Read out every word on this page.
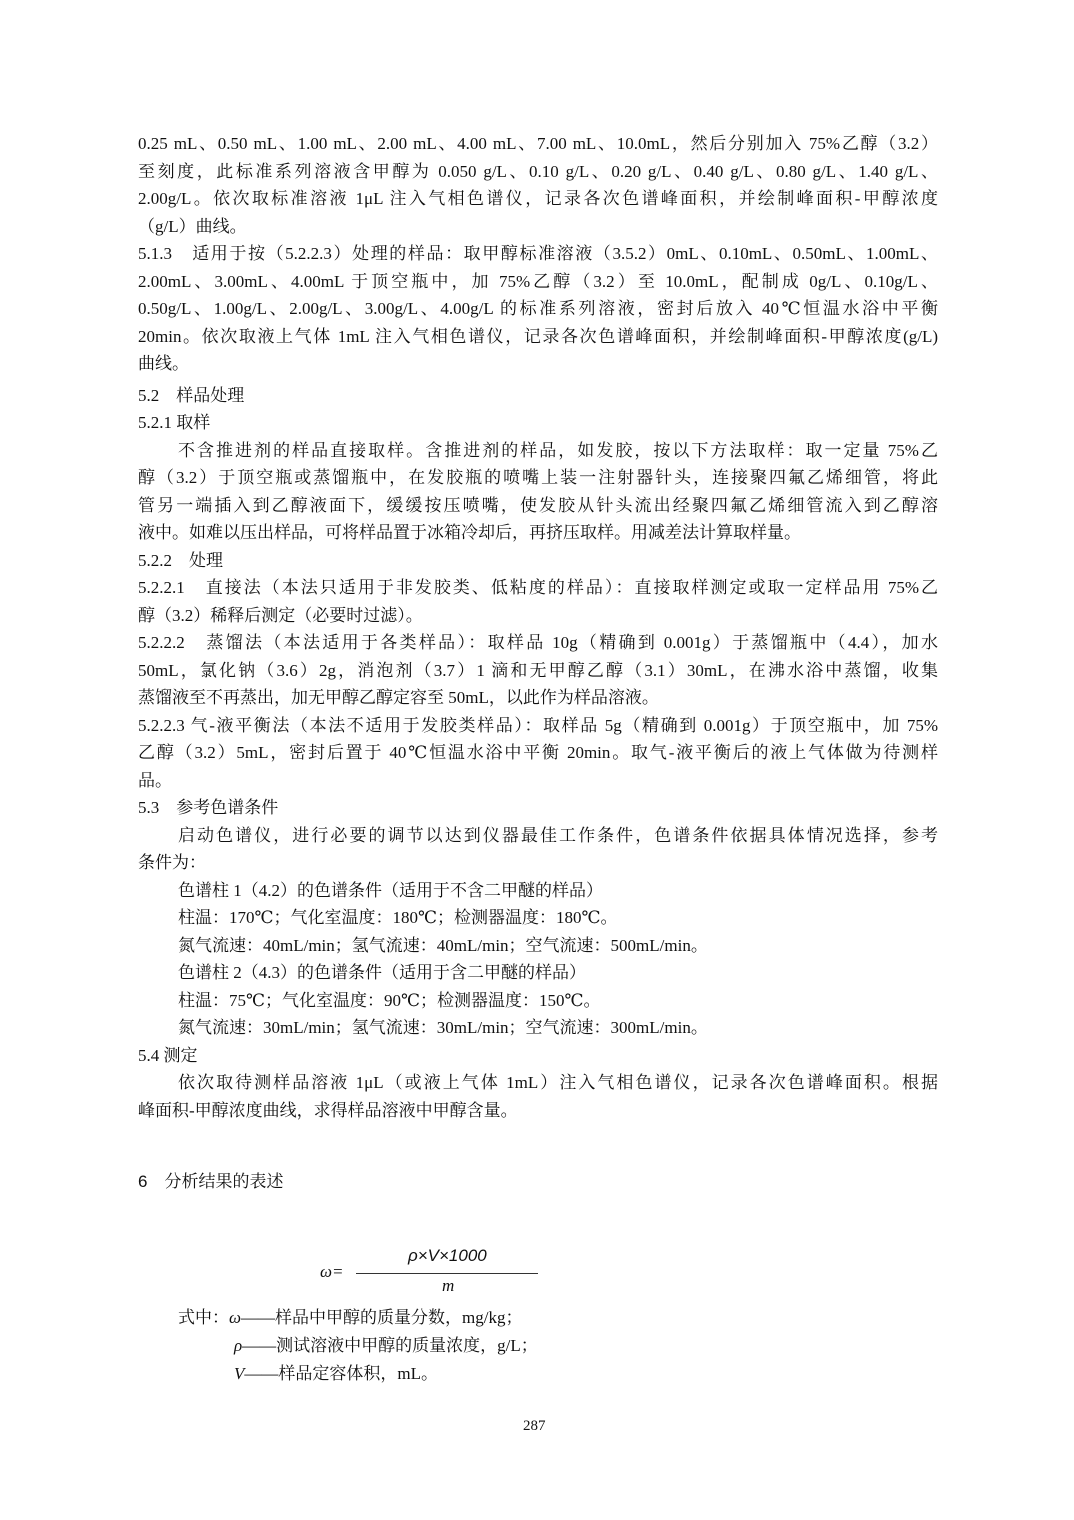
0.25 mL、0.50 mL、1.00 mL、2.00 mL、4.00 mL、7.00 mL、10.0mL，然后分别加入 75%乙醇（3.2）
至刻度，此标准系列溶液含甲醇为 0.050 g/L、0.10 g/L、0.20 g/L、0.40 g/L、0.80 g/L、1.40 g/L、
2.00g/L。依次取标准溶液 1μL 注入气相色谱仪，记录各次色谱峰面积，并绘制峰面积-甲醇浓度
（g/L）曲线。
5.1.3　适用于按（5.2.2.3）处理的样品：取甲醇标准溶液（3.5.2）0mL、0.10mL、0.50mL、1.00mL、
2.00mL、3.00mL、4.00mL 于顶空瓶中，加 75%乙醇（3.2）至 10.0mL，配制成 0g/L、0.10g/L、
0.50g/L、1.00g/L、2.00g/L、3.00g/L、4.00g/L 的标准系列溶液，密封后放入 40℃恒温水浴中平衡
20min。依次取液上气体 1mL 注入气相色谱仪，记录各次色谱峰面积，并绘制峰面积-甲醇浓度(g/L)
曲线。
5.2　样品处理
5.2.1 取样
不含推进剂的样品直接取样。含推进剂的样品，如发胶，按以下方法取样：取一定量 75%乙
醇（3.2）于顶空瓶或蒸馏瓶中，在发胶瓶的喷嘴上装一注射器针头，连接聚四氟乙烯细管，将此
管另一端插入到乙醇液面下，缓缓按压喷嘴，使发胶从针头流出经聚四氟乙烯细管流入到乙醇溶
液中。如难以压出样品，可将样品置于冰箱冷却后，再挤压取样。用减差法计算取样量。
5.2.2　处理
5.2.2.1　直接法（本法只适用于非发胶类、低粘度的样品）：直接取样测定或取一定样品用 75%乙
醇（3.2）稀释后测定（必要时过滤）。
5.2.2.2　蒸馏法（本法适用于各类样品）：取样品 10g（精确到 0.001g）于蒸馏瓶中（4.4），加水
50mL，氯化钠（3.6）2g，消泡剂（3.7）1 滴和无甲醇乙醇（3.1）30mL，在沸水浴中蒸馏，收集
蒸馏液至不再蒸出，加无甲醇乙醇定容至 50mL，以此作为样品溶液。
5.2.2.3 气-液平衡法（本法不适用于发胶类样品）：取样品 5g（精确到 0.001g）于顶空瓶中，加 75%
乙醇（3.2）5mL，密封后置于 40℃恒温水浴中平衡 20min。取气-液平衡后的液上气体做为待测样
品。
5.3　参考色谱条件
启动色谱仪，进行必要的调节以达到仪器最佳工作条件，色谱条件依据具体情况选择，参考
条件为：
色谱柱 1（4.2）的色谱条件（适用于不含二甲醚的样品）
柱温：170℃；气化室温度：180℃；检测器温度：180℃。
氮气流速：40mL/min；氢气流速：40mL/min；空气流速：500mL/min。
色谱柱 2（4.3）的色谱条件（适用于含二甲醚的样品）
柱温：75℃；气化室温度：90℃；检测器温度：150℃。
氮气流速：30mL/min；氢气流速：30mL/min；空气流速：300mL/min。
5.4 测定
依次取待测样品溶液 1μL（或液上气体 1mL）注入气相色谱仪，记录各次色谱峰面积。根据
峰面积-甲醇浓度曲线，求得样品溶液中甲醇含量。
6　分析结果的表述
ω=
ρ×V×1000
m
式中：ω——样品中甲醇的质量分数，mg/kg；
ρ——测试溶液中甲醇的质量浓度，g/L；
V——样品定容体积，mL。
287
